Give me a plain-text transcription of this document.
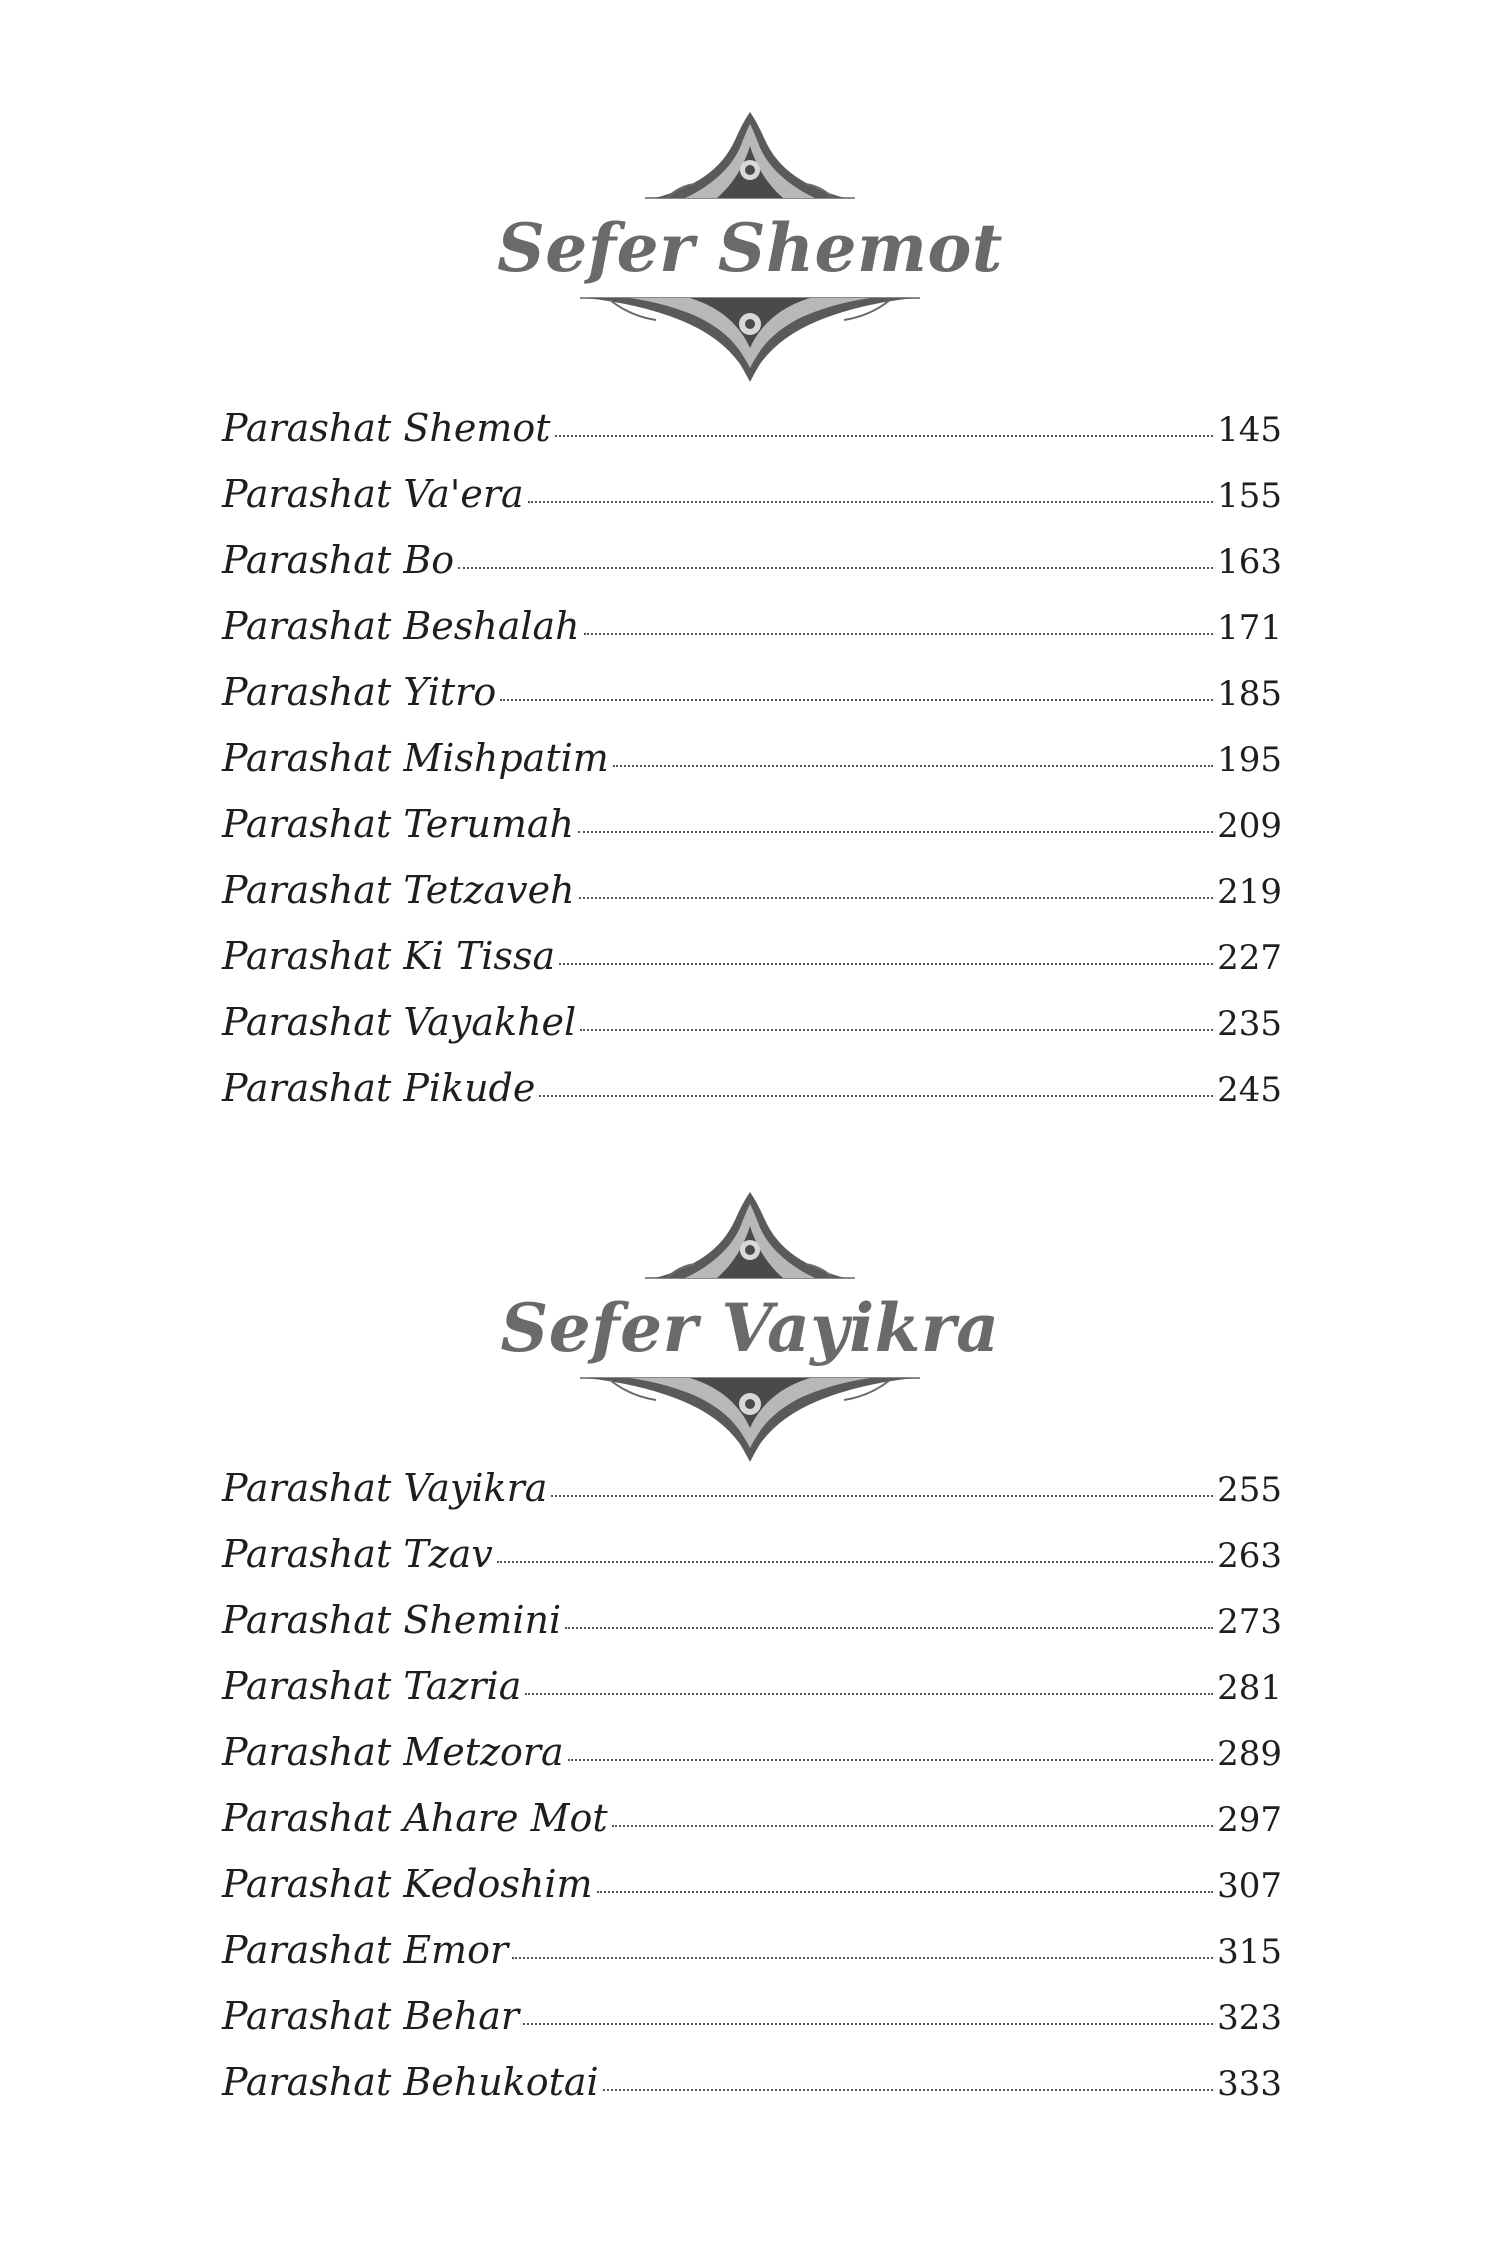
Sefer Shemot
Parashat Shemot	145
Parashat Va'era	155
Parashat Bo	163
Parashat Beshalah	171
Parashat Yitro	185
Parashat Mishpatim	195
Parashat Terumah	209
Parashat Tetzaveh	219
Parashat Ki Tissa	227
Parashat Vayakhel	235
Parashat Pikude	245
Sefer Vayikra
Parashat Vayikra	255
Parashat Tzav	263
Parashat Shemini	273
Parashat Tazria	281
Parashat Metzora	289
Parashat Ahare Mot	297
Parashat Kedoshim	307
Parashat Emor	315
Parashat Behar	323
Parashat Behukotai	333
